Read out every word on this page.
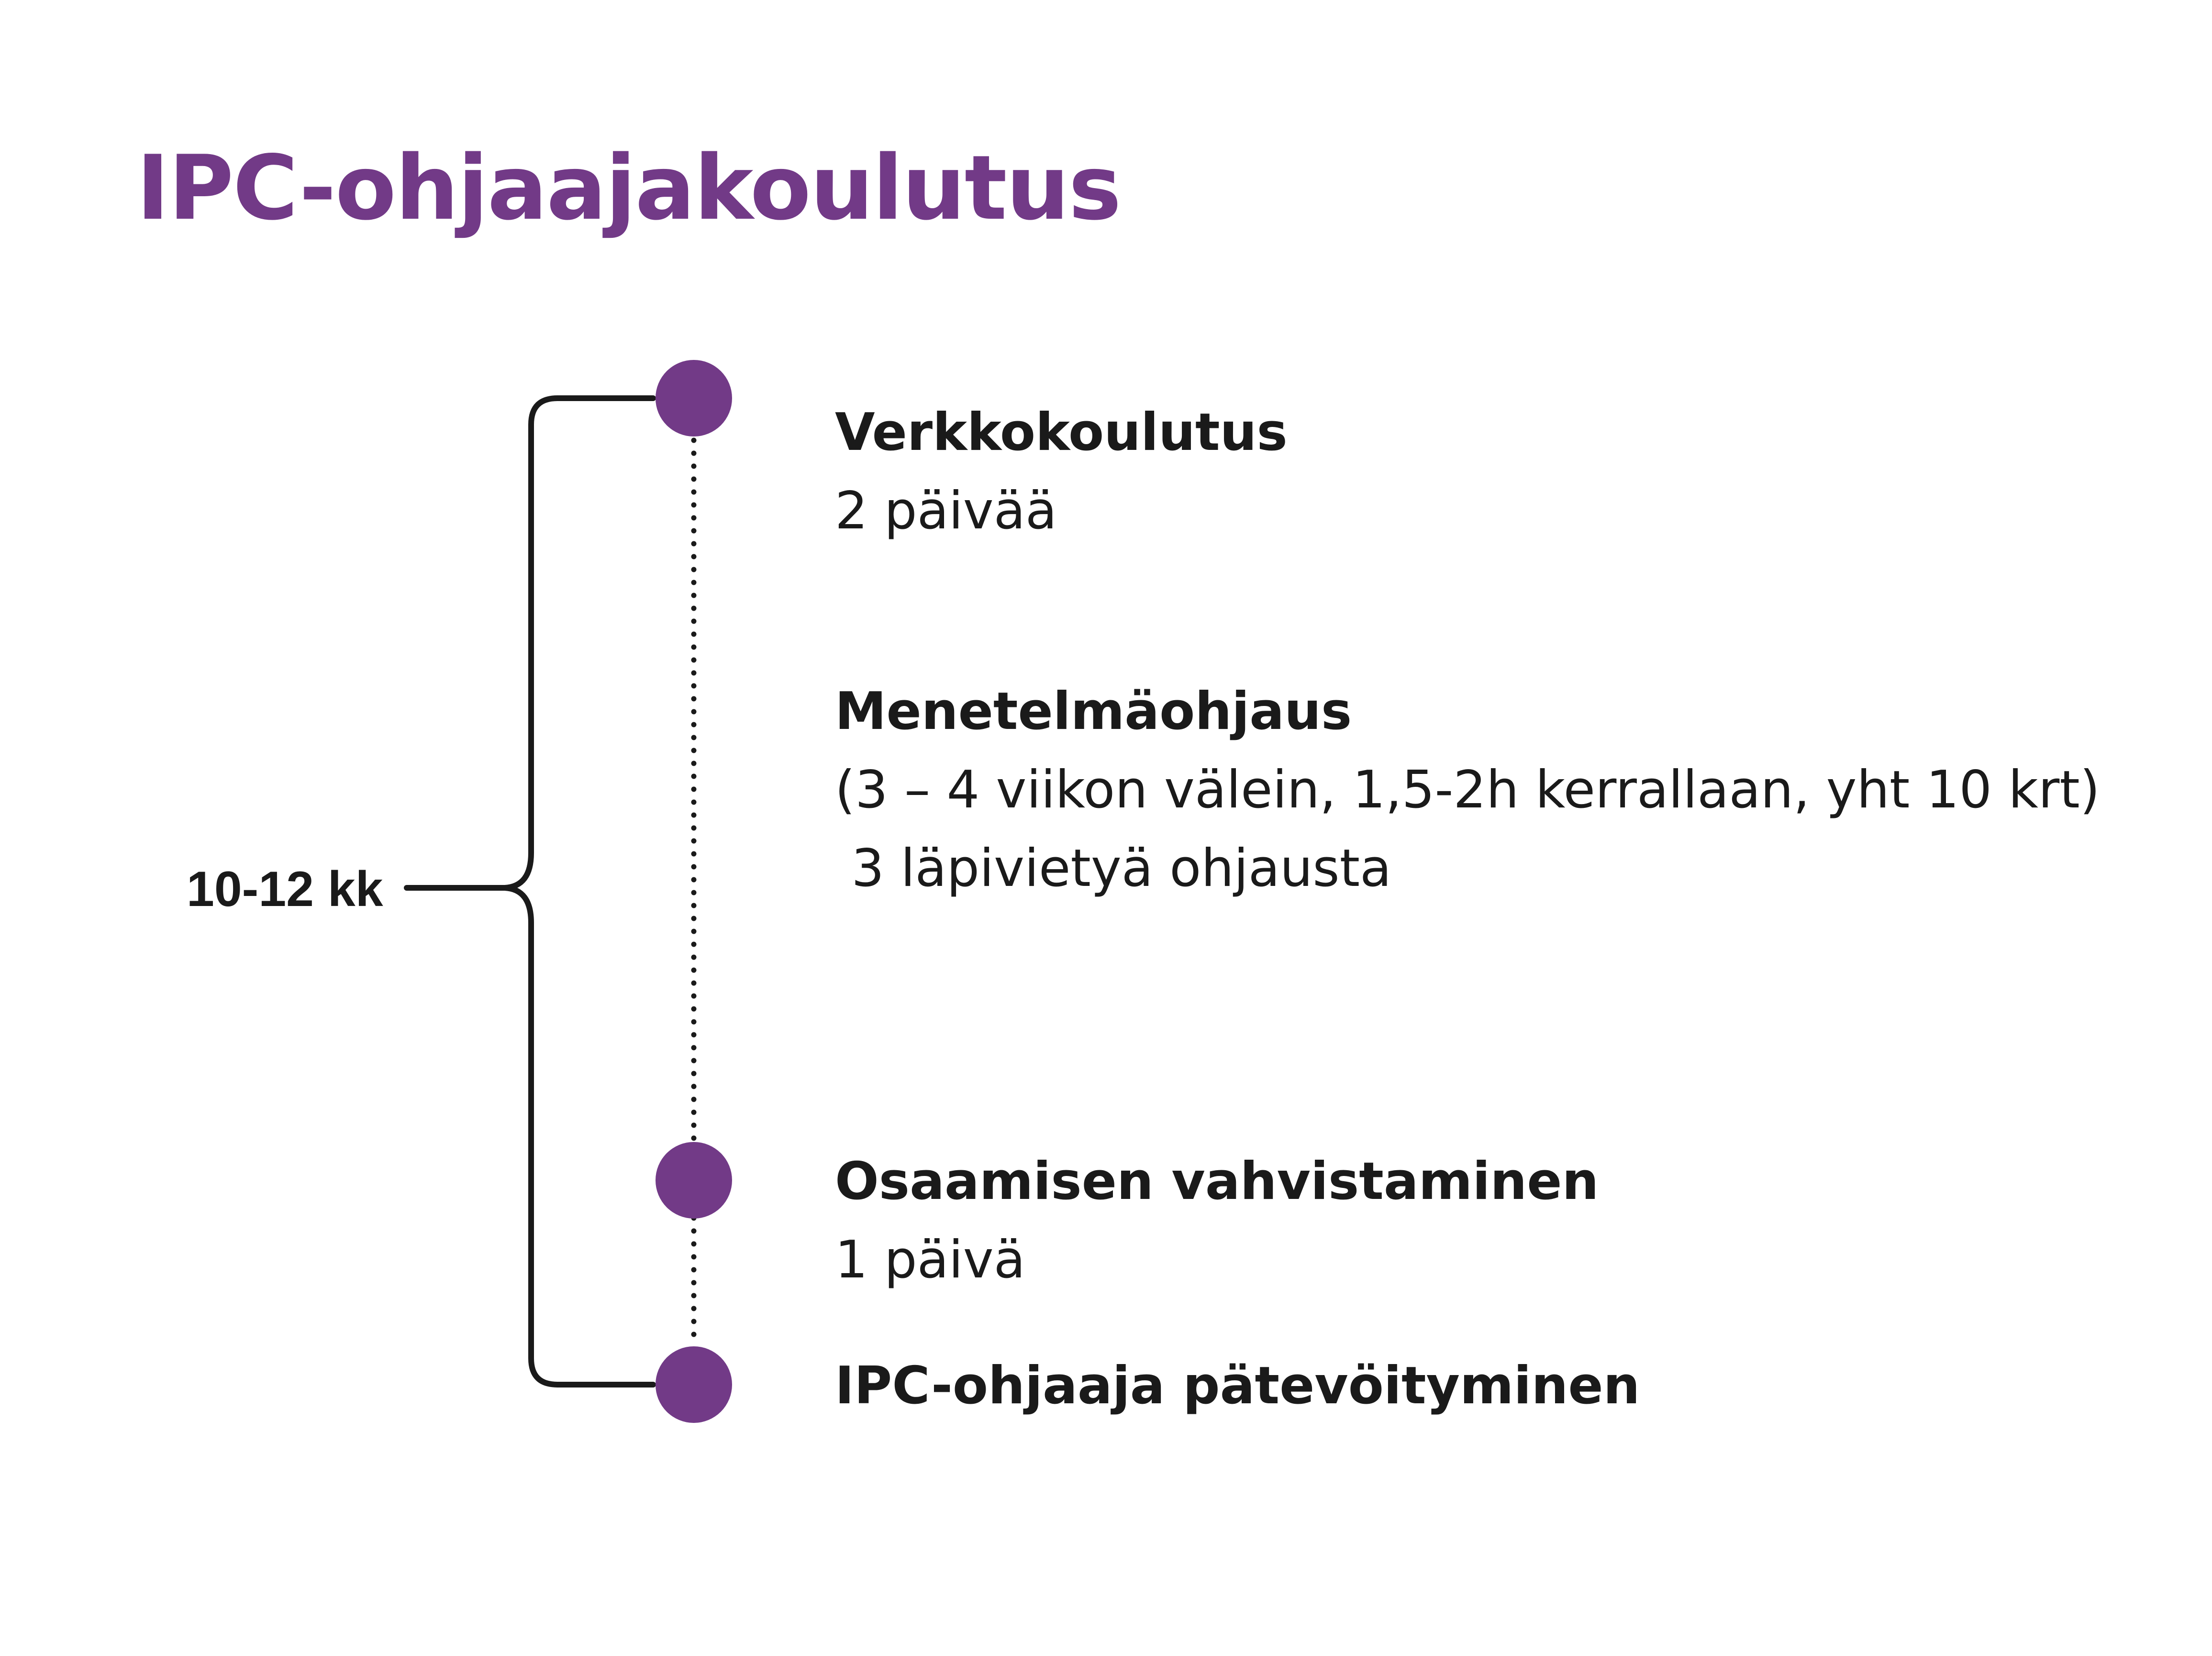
IPC-ohjaajakoulutus
10-12 kk
Verkkokoulutus
2 päivää
Menetelmäohjaus
(3 – 4 viikon välein, 1,5-2h kerrallaan, yht 10 krt)
3 läpivietyä ohjausta
Osaamisen vahvistaminen
1 päivä
IPC-ohjaaja pätevöityminen
